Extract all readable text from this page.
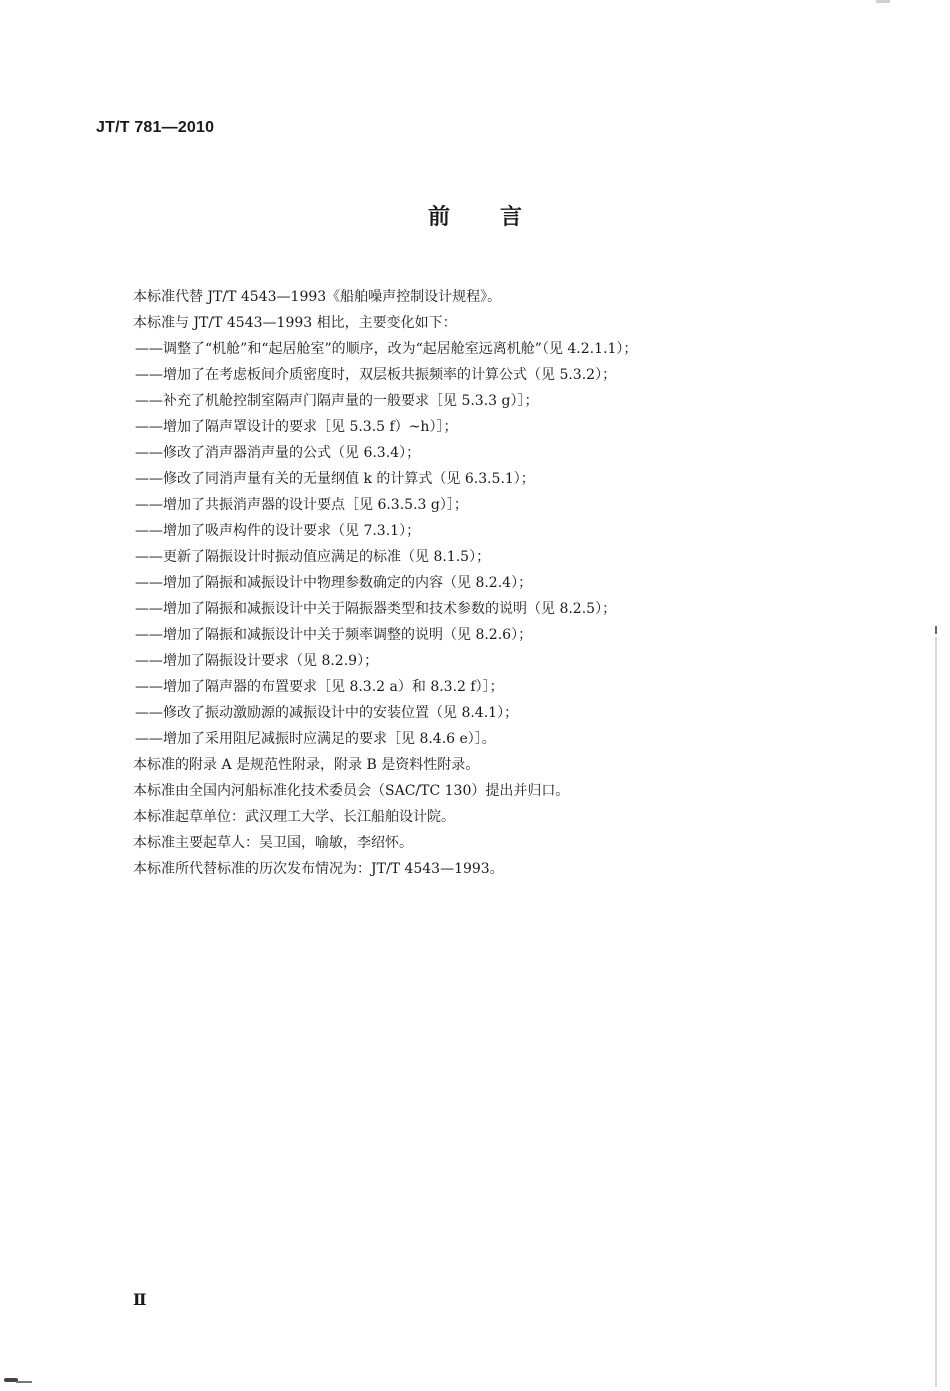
JT/T 781—2010
前 言
本标准代替 JT/T 4543—1993《船舶噪声控制设计规程》。
本标准与 JT/T 4543—1993 相比，主要变化如下：
——调整了“机舱”和“起居舱室”的顺序，改为“起居舱室远离机舱”（见 4.2.1.1）；
——增加了在考虑板间介质密度时，双层板共振频率的计算公式（见 5.3.2）；
——补充了机舱控制室隔声门隔声量的一般要求［见 5.3.3 g）］；
——增加了隔声罩设计的要求［见 5.3.5 f）~h）］；
——修改了消声器消声量的公式（见 6.3.4）；
——修改了同消声量有关的无量纲值 k 的计算式（见 6.3.5.1）；
——增加了共振消声器的设计要点［见 6.3.5.3 g）］；
——增加了吸声构件的设计要求（见 7.3.1）；
——更新了隔振设计时振动值应满足的标准（见 8.1.5）；
——增加了隔振和减振设计中物理参数确定的内容（见 8.2.4）；
——增加了隔振和减振设计中关于隔振器类型和技术参数的说明（见 8.2.5）；
——增加了隔振和减振设计中关于频率调整的说明（见 8.2.6）；
——增加了隔振设计要求（见 8.2.9）；
——增加了隔声器的布置要求［见 8.3.2 a）和 8.3.2 f）］；
——修改了振动激励源的减振设计中的安装位置（见 8.4.1）；
——增加了采用阻尼减振时应满足的要求［见 8.4.6 e）］。
本标准的附录 A 是规范性附录，附录 B 是资料性附录。
本标准由全国内河船标准化技术委员会（SAC/TC 130）提出并归口。
本标准起草单位：武汉理工大学、长江船舶设计院。
本标准主要起草人：吴卫国，喻敏，李绍怀。
本标准所代替标准的历次发布情况为：JT/T 4543—1993。
Ⅱ
